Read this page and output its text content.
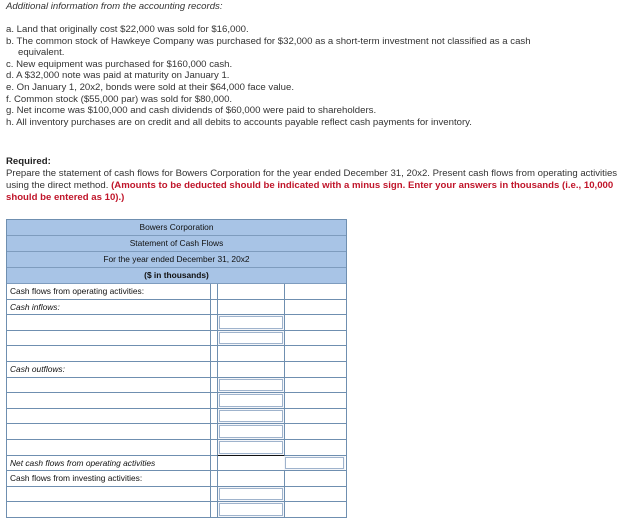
Additional information from the accounting records:
a. Land that originally cost $22,000 was sold for $16,000.
b. The common stock of Hawkeye Company was purchased for $32,000 as a short-term investment not classified as a cash
equivalent.
c. New equipment was purchased for $160,000 cash.
d. A $32,000 note was paid at maturity on January 1.
e. On January 1, 20x2, bonds were sold at their $64,000 face value.
f. Common stock ($55,000 par) was sold for $80,000.
g. Net income was $100,000 and cash dividends of $60,000 were paid to shareholders.
h. All inventory purchases are on credit and all debits to accounts payable reflect cash payments for inventory.
Required:
Prepare the statement of cash flows for Bowers Corporation for the year ended December 31, 20x2. Present cash flows from operating activities using the direct method. (Amounts to be deducted should be indicated with a minus sign. Enter your answers in thousands (i.e., 10,000 should be entered as 10).)
Bowers Corporation
Statement of Cash Flows
For the year ended December 31, 20x2
($ in thousands)
Cash flows from operating activities:
Cash inflows:
Cash outflows:
Net cash flows from operating activities
Cash flows from investing activities:
